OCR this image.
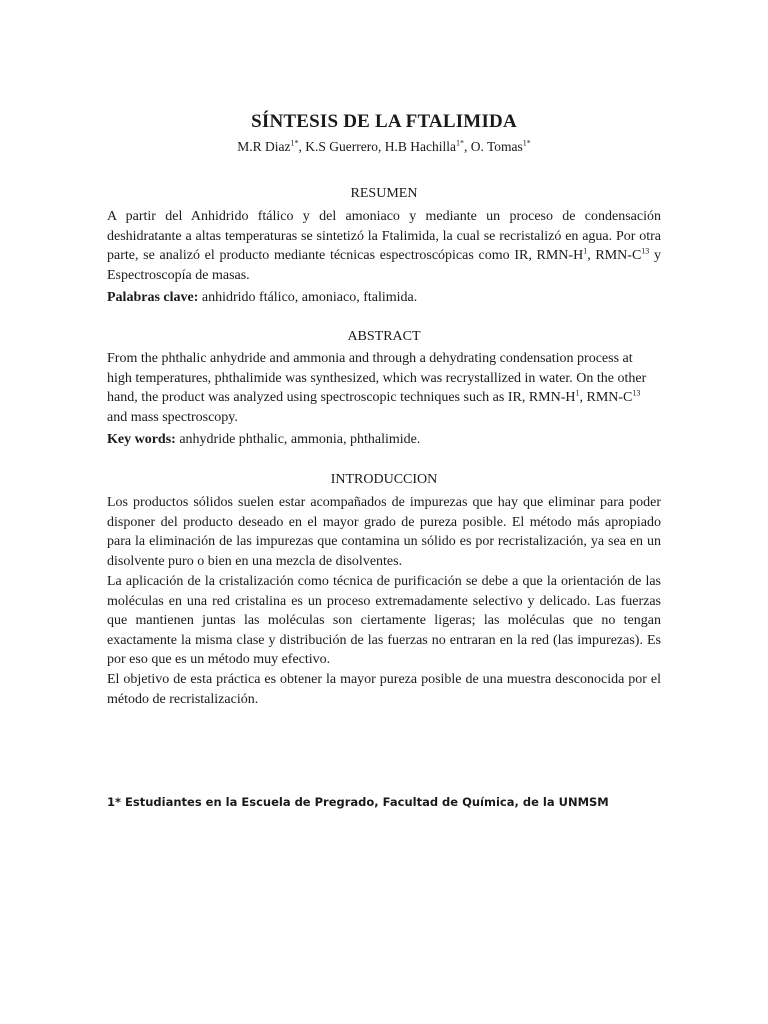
SÍNTESIS DE LA FTALIMIDA

M.R Diaz$^{1*}$, K.S Guerrero, H.B Hachilla$^{1*}$, O. Tomas$^{1*}$

RESUMEN

A partir del Anhidrido ftálico y del amoniaco y mediante un proceso de condensación deshidratante a altas temperaturas se sintetizó la Ftalimida, la cual se recristalizó en agua. Por otra parte, se analizó el producto mediante técnicas espectroscópicas como IR, RMN-$H^1$, RMN-$C^{13}$ y Espectroscopía de masas.

Palabras clave: anhidrido ftálico, amoniaco, ftalimida.

ABSTRACT

From the phthalic anhydride and ammonia and through a dehydrating condensation process at high temperatures, phthalimide was synthesized, which was recrystallized in water. On the other hand, the product was analyzed using spectroscopic techniques such as IR, RMN-$H^1$, RMN-$C^{13}$ and mass spectroscopy.

Key words: anhydride phthalic, ammonia, phthalimide.

INTRODUCCION

Los productos sólidos suelen estar acompañados de impurezas que hay que eliminar para poder disponer del producto deseado en el mayor grado de pureza posible. El método más apropiado para la eliminación de las impurezas que contamina un sólido es por recristalización, ya sea en un disolvente puro o bien en una mezcla de disolventes.

La aplicación de la cristalización como técnica de purificación se debe a que la orientación de las moléculas en una red cristalina es un proceso extremadamente selectivo y delicado. Las fuerzas que mantienen juntas las moléculas son ciertamente ligeras; las moléculas que no tengan exactamente la misma clase y distribución de las fuerzas no entraran en la red (las impurezas). Es por eso que es un método muy efectivo.

El objetivo de esta práctica es obtener la mayor pureza posible de una muestra desconocida por el método de recristalización.

1* Estudiantes en la Escuela de Pregrado, Facultad de Química, de la UNMSM
